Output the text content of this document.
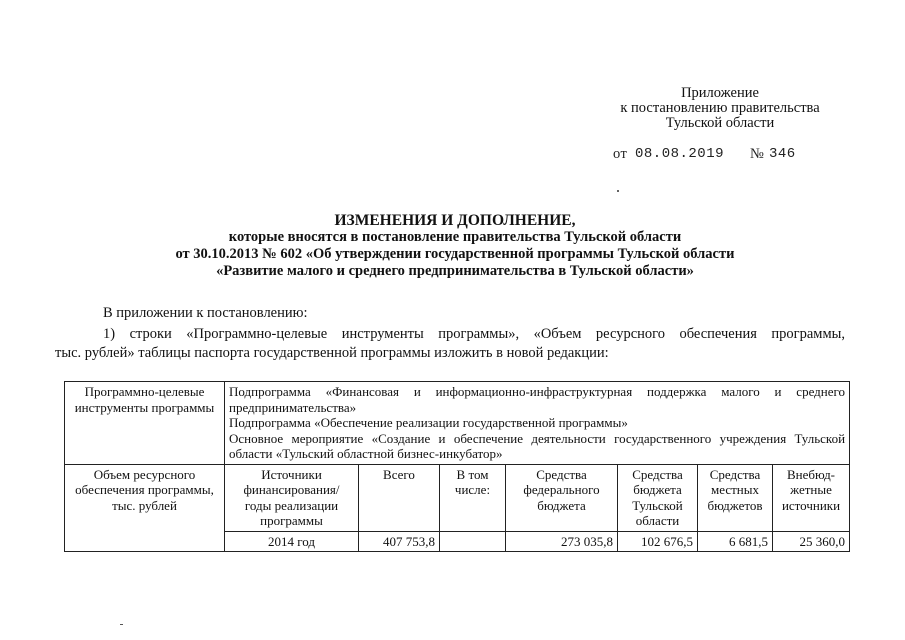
Приложение
к постановлению правительства
Тульской области
от 08.08.2019 № 346
ИЗМЕНЕНИЯ И ДОПОЛНЕНИЕ,
которые вносятся в постановление правительства Тульской области
от 30.10.2013 № 602 «Об утверждении государственной программы Тульской области
«Развитие малого и среднего предпринимательства в Тульской области»
В приложении к постановлению:
1) строки «Программно-целевые инструменты программы», «Объем ресурсного обеспечения программы,
тыс. рублей» таблицы паспорта государственной программы изложить в новой редакции:
Программно-целевые инструменты программы	Подпрограмма «Финансовая и информационно-инфраструктурная поддержка малого и среднего предпринимательства»
Подпрограмма «Обеспечение реализации государственной программы»
Основное мероприятие «Создание и обеспечение деятельности государственного учреждения Тульской области «Тульский областной бизнес-инкубатор»						

Объем ресурсного обеспечения программы, тыс. рублей	Источники финансирования/ годы реализации программы	Всего	В том числе:	Средства федерального бюджета	Средства бюджета Тульской области	Средства местных бюджетов	Внебюд-жетные источники
	2014 год	407 753,8		273 035,8	102 676,5	6 681,5	25 360,0
